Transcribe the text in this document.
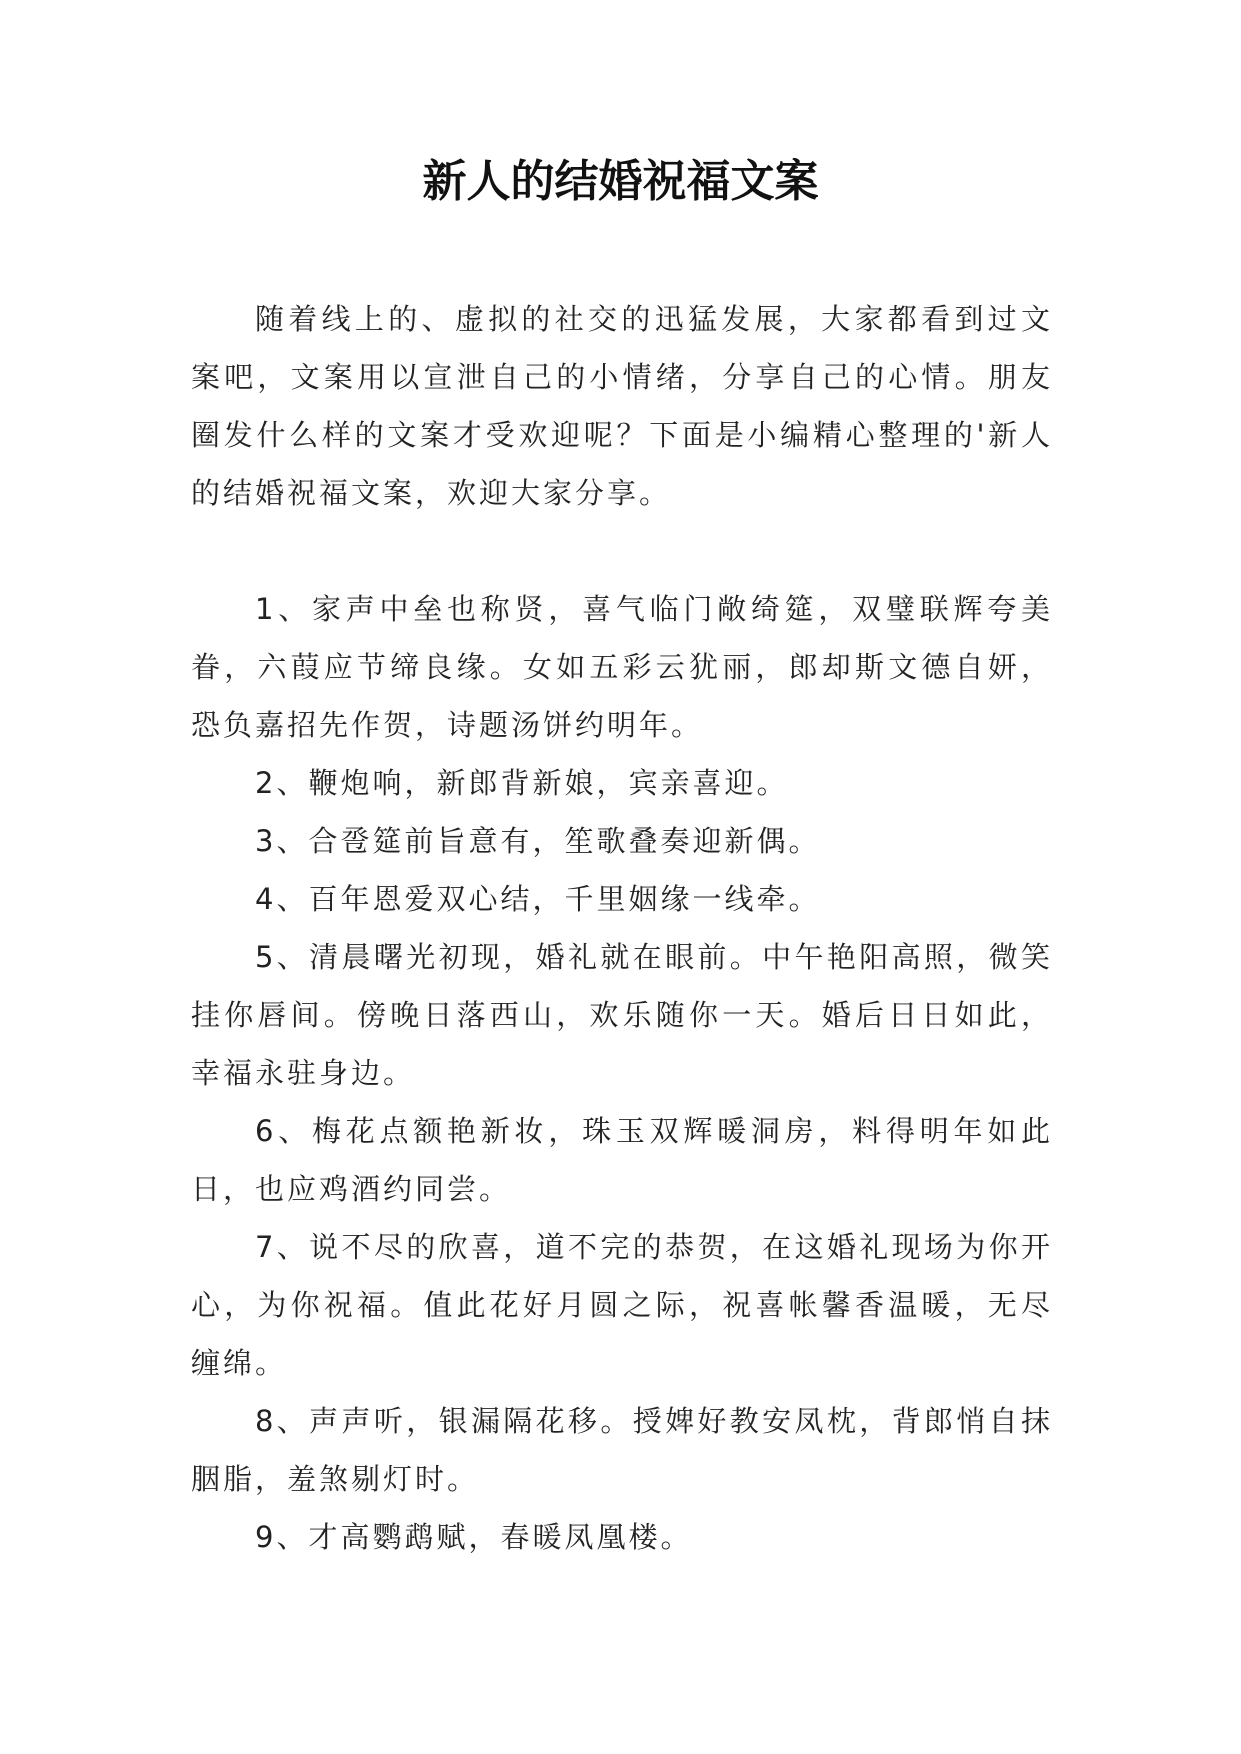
新人的结婚祝福文案

随着线上的、虚拟的社交的迅猛发展，大家都看到过文案吧，文案用以宣泄自己的小情绪，分享自己的心情。朋友圈发什么样的文案才受欢迎呢？下面是小编精心整理的'新人的结婚祝福文案，欢迎大家分享。

1、家声中垒也称贤，喜气临门敞绮筵，双璧联辉夸美眷，六葭应节缔良缘。女如五彩云犹丽，郎却斯文德自妍，恐负嘉招先作贺，诗题汤饼约明年。

2、鞭炮响，新郎背新娘，宾亲喜迎。

3、合卺筵前旨意有，笙歌叠奏迎新偶。

4、百年恩爱双心结，千里姻缘一线牵。

5、清晨曙光初现，婚礼就在眼前。中午艳阳高照，微笑挂你唇间。傍晚日落西山，欢乐随你一天。婚后日日如此，幸福永驻身边。

6、梅花点额艳新妆，珠玉双辉暖洞房，料得明年如此日，也应鸡酒约同尝。

7、说不尽的欣喜，道不完的恭贺，在这婚礼现场为你开心，为你祝福。值此花好月圆之际，祝喜帐馨香温暖，无尽缠绵。

8、声声听，银漏隔花移。授婢好教安凤枕，背郎悄自抹胭脂，羞煞剔灯时。

9、才高鹦鹉赋，春暖凤凰楼。
